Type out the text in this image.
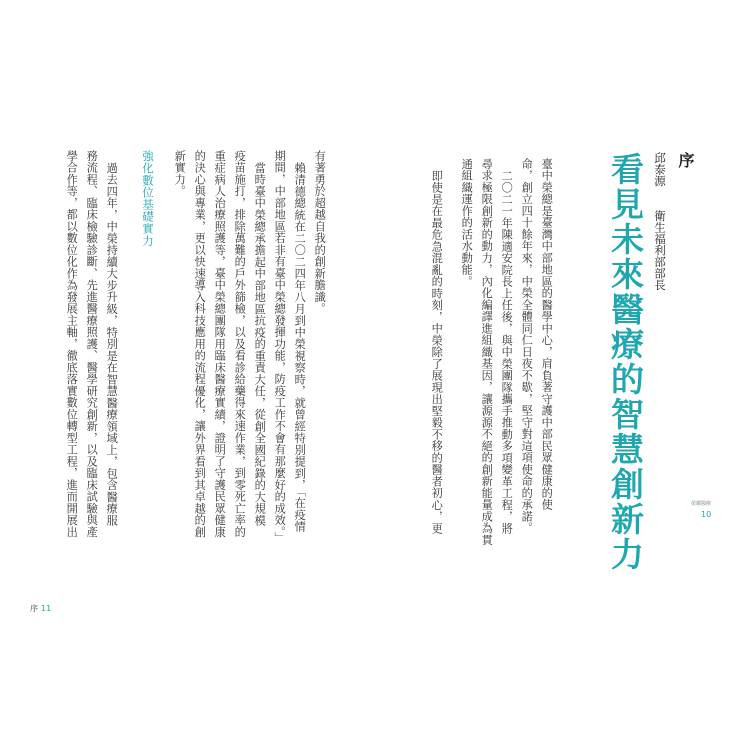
序
邱泰源
衛生福利部部長
看見未來醫療的智慧創新力
臺中榮總是臺灣中部地區的醫學中心，肩負著守護中部民眾健康的使
命，創立四十餘年來，中榮全體同仁日夜不歇，堅守對這項使命的承諾。
二〇二一年陳適安院長上任後，與中榮團隊攜手推動多項變革工程，將
尋求極限創新的動力，內化編譯進組織基因，讓源源不絕的創新能量成為貫
通組織運作的活水動能。
即使是在最危急混亂的時刻，中榮除了展現出堅毅不移的醫者初心，更	榮耀醫療
10
有著勇於超越自我的創新膽識。
賴清德總統在二〇二四年八月到中榮視察時，就曾經特別提到，「在疫情
期間，中部地區若非有臺中榮總發揮功能，防疫工作不會有那麼好的成效。」
當時臺中榮總承擔起中部地區抗疫的重責大任，從創全國紀錄的大規模
疫苗施打，排除萬難的戶外篩檢，以及看診給藥得來速作業，到零死亡率的
重症病人治療照護等，臺中榮總團隊用臨床醫療實績，證明了守護民眾健康
的決心與專業，更以快速導入科技應用的流程優化，讓外界看到其卓越的創
新實力。
強化數位基礎實力
過去四年，中榮持續大步升級，特別是在智慧醫療領域上，包含醫療服
務流程、臨床檢驗診斷、先進醫療照護、醫學研究創新，以及臨床試驗與產
學合作等，都以數位化作為發展主軸，徹底落實數位轉型工程，進而開展出
序 11
